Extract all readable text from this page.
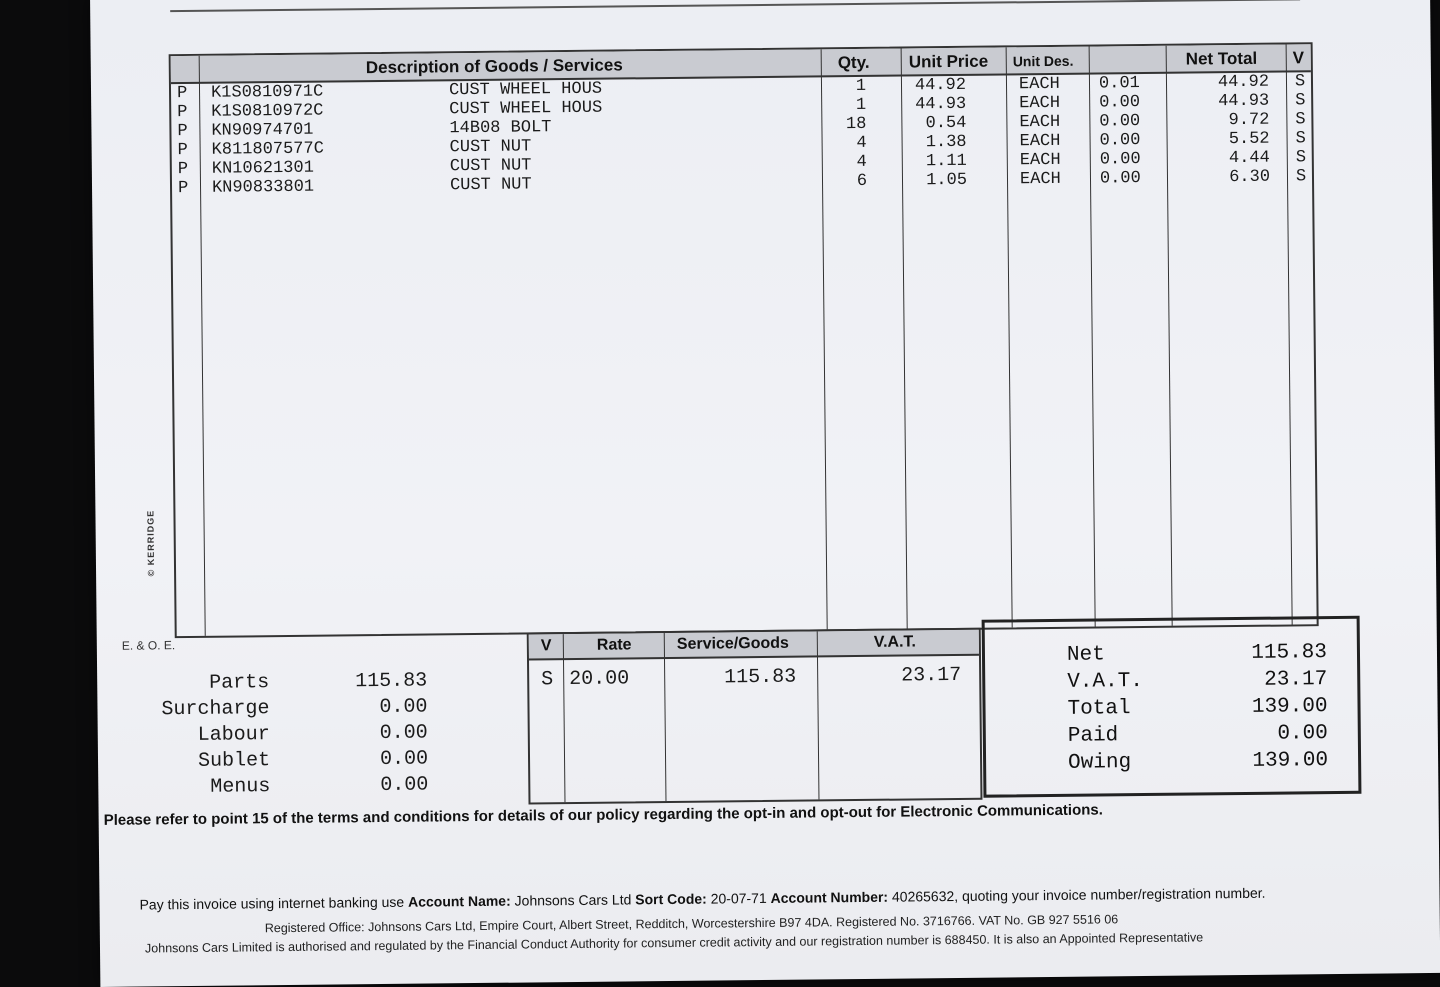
Description of Goods / Services	Qty. Unit Price Unit Des.	Net Total V
P K1S0810971C	CUST WHEEL HOUS	1	44.92	EACH 0.01	44.92 S
P K1S0810972C	CUST WHEEL HOUS	1	44.93	EACH 0.00	44.93 S
P KN90974701	14B08 BOLT	18	0.54	EACH 0.00	9.72 S
P K811807577C	CUST NUT	4	1.38	EACH 0.00	5.52 S
P KN10621301	CUST NUT	4	1.11	EACH 0.00	4.44 S
P KN90833801	CUST NUT	6	1.05	EACH 0.00	6.30 S
© KERRIDGE
E. & O. E.
Parts	115.83
Surcharge	0.00
Labour	0.00
Sublet	0.00
Menus	0.00
V	Rate	Service/Goods	V.A.T.
S 20.00	115.83	23.17
Net	115.83
V.A.T.	23.17
Total	139.00
Paid	0.00
Owing	139.00
Please refer to point 15 of the terms and conditions for details of our policy regarding the opt-in and opt-out for Electronic Communications.
Pay this invoice using internet banking use Account Name: Johnsons Cars Ltd Sort Code: 20-07-71 Account Number: 40265632, quoting your invoice number/registration number.
Registered Office: Johnsons Cars Ltd, Empire Court, Albert Street, Redditch, Worcestershire B97 4DA. Registered No. 3716766. VAT No. GB 927 5516 06
Johnsons Cars Limited is authorised and regulated by the Financial Conduct Authority for consumer credit activity and our registration number is 688450. It is also an Appointed Representative
